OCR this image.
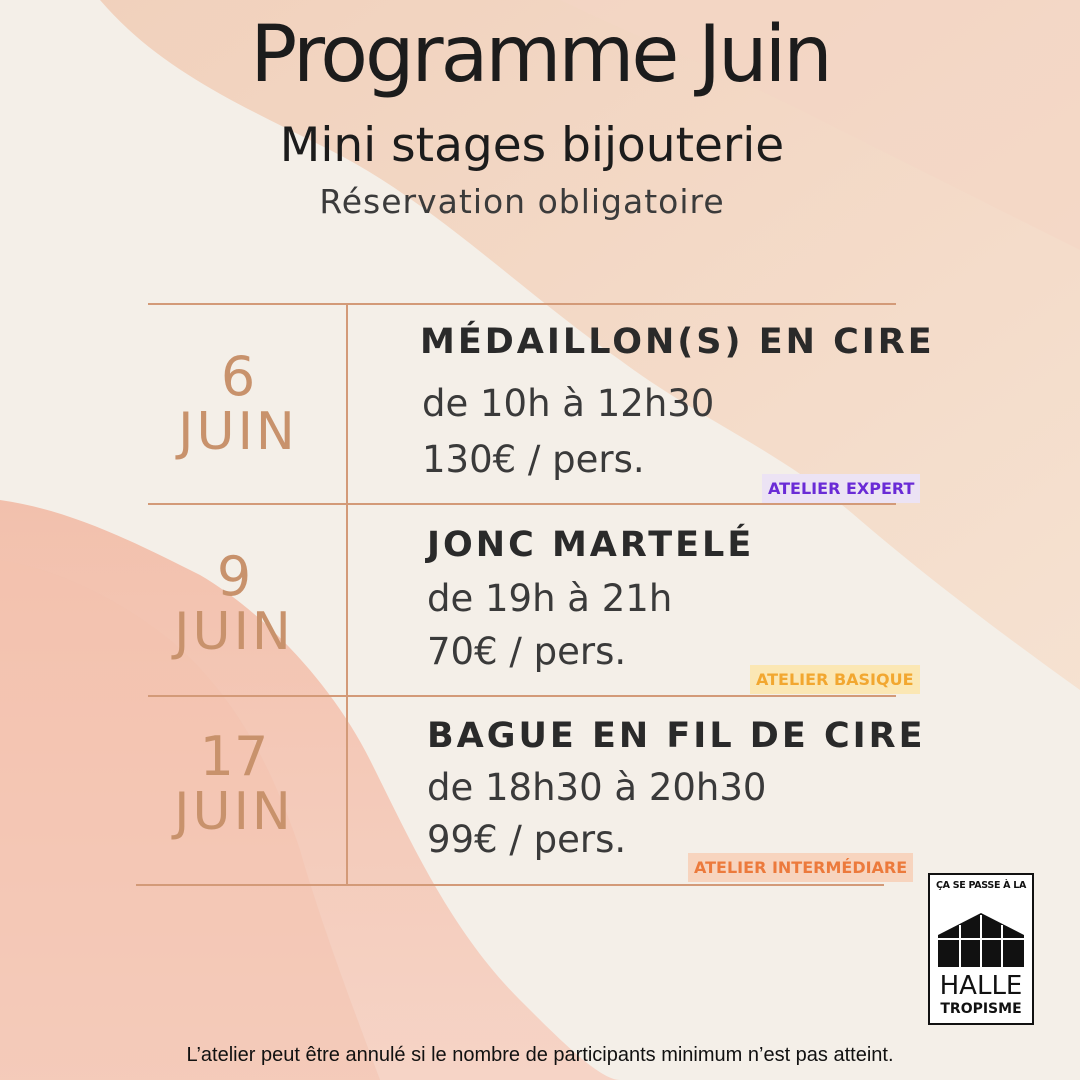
Programme Juin
Mini stages bijouterie
Réservation obligatoire
6
JUIN
MÉDAILLON(S) EN CIRE
de 10h à 12h30
130€ / pers.
ATELIER EXPERT
9
JUIN
JONC MARTELÉ
de 19h à 21h
70€ / pers.
ATELIER BASIQUE
17
JUIN
BAGUE EN FIL DE CIRE
de 18h30 à 20h30
99€ / pers.
ATELIER INTERMÉDIARE
ÇA SE PASSE À LA
HALLE
TROPISME
L’atelier peut être annulé si le nombre de participants minimum n’est pas atteint.
